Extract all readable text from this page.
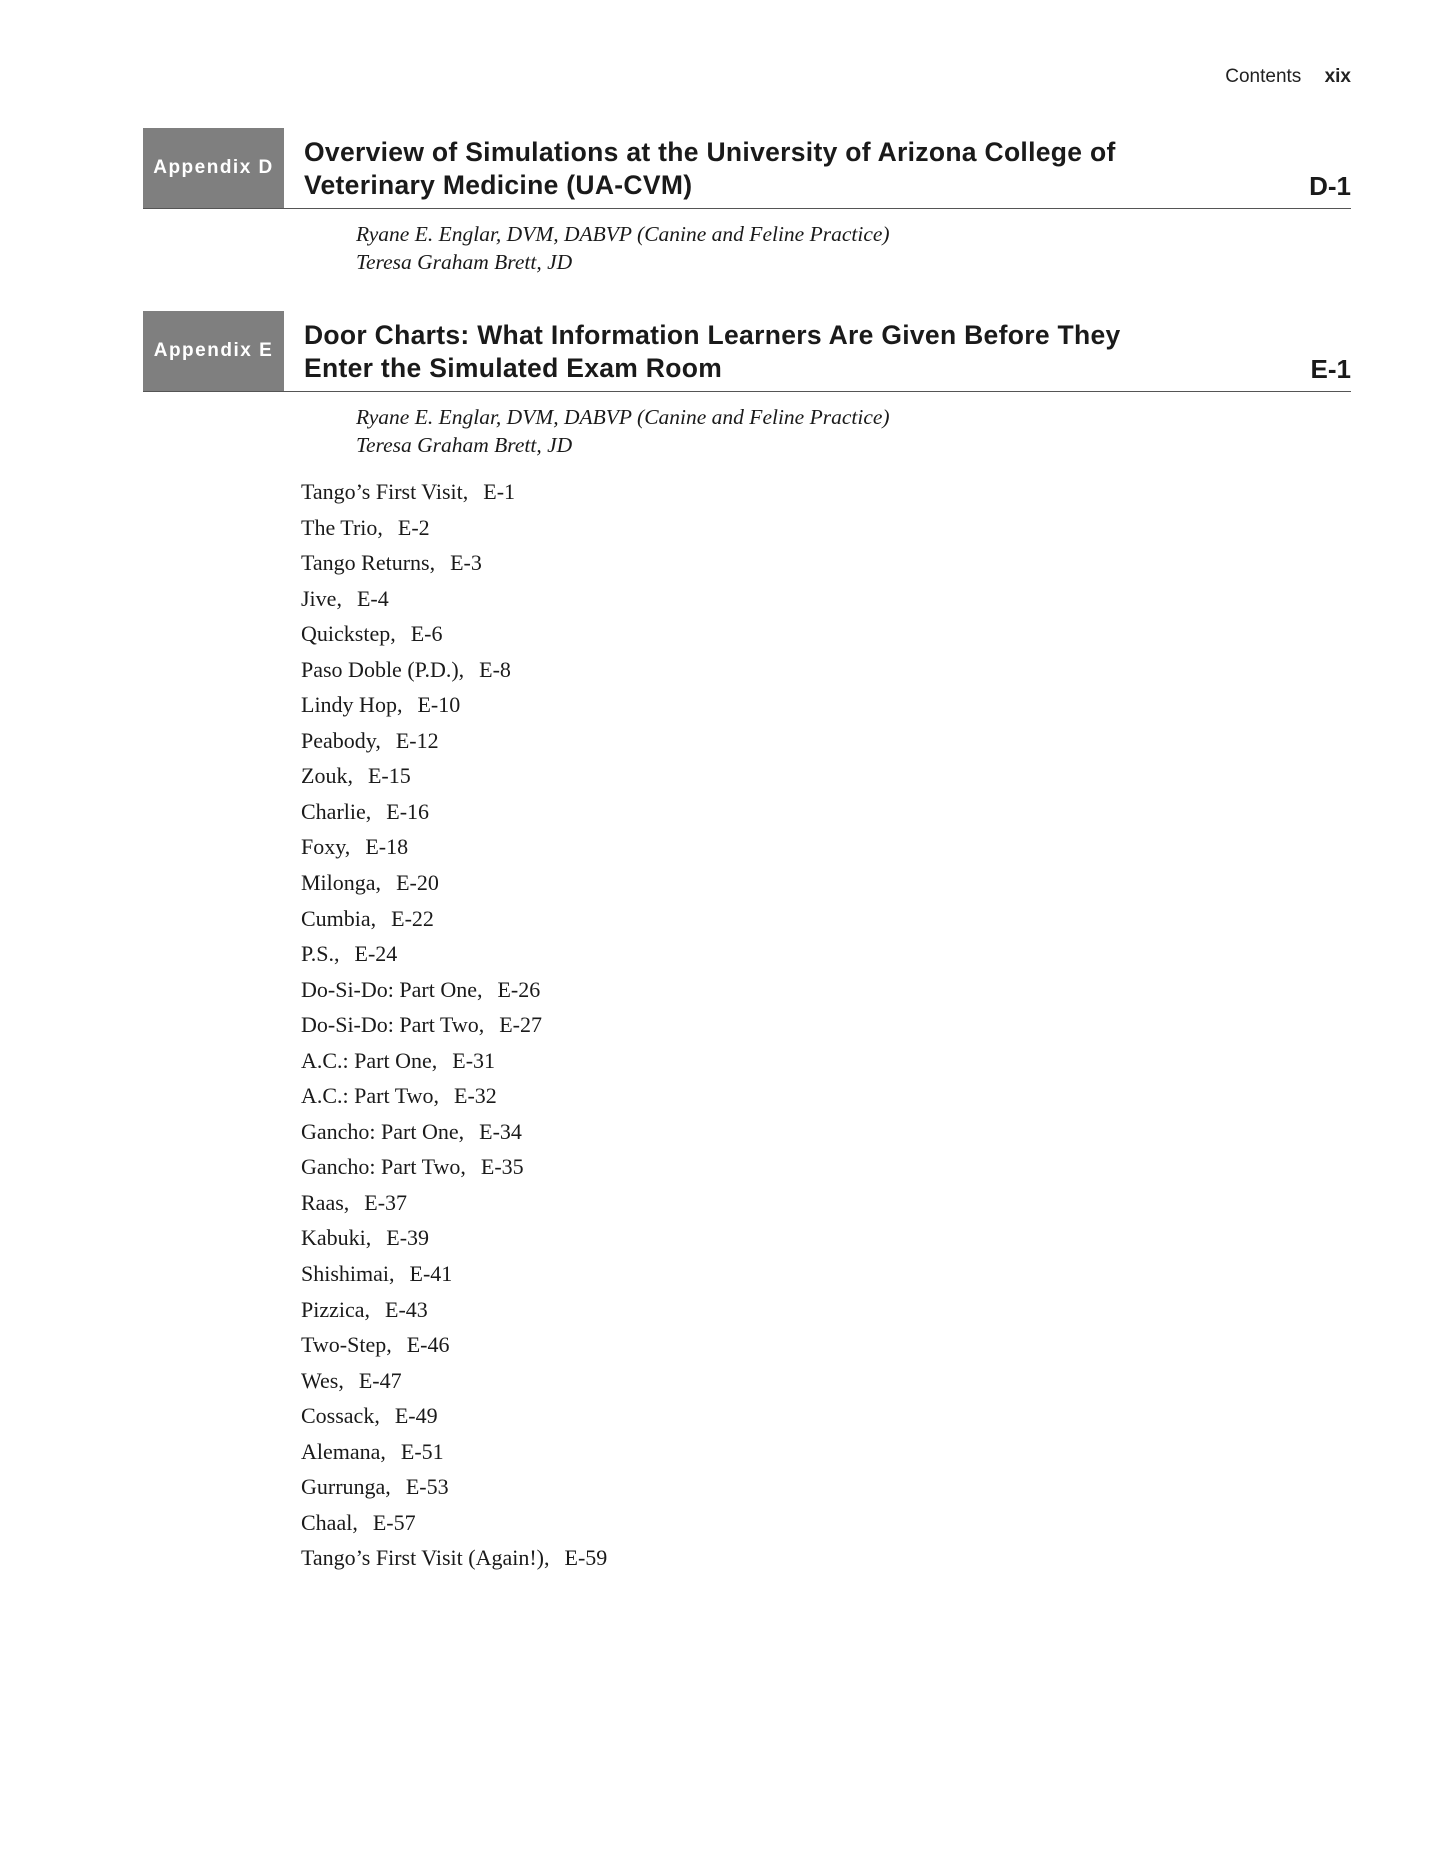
Contents xix
Appendix D
Overview of Simulations at the University of Arizona College of
Veterinary Medicine (UA-CVM)	D-1
Ryane E. Englar, DVM, DABVP (Canine and Feline Practice)
Teresa Graham Brett, JD
Appendix E
Door Charts: What Information Learners Are Given Before They
Enter the Simulated Exam Room	E-1
Ryane E. Englar, DVM, DABVP (Canine and Feline Practice)
Teresa Graham Brett, JD
Tango’s First Visit, E-1
The Trio, E-2
Tango Returns, E-3
Jive, E-4
Quickstep, E-6
Paso Doble (P.D.), E-8
Lindy Hop, E-10
Peabody, E-12
Zouk, E-15
Charlie, E-16
Foxy, E-18
Milonga, E-20
Cumbia, E-22
P.S., E-24
Do-Si-Do: Part One, E-26
Do-Si-Do: Part Two, E-27
A.C.: Part One, E-31
A.C.: Part Two, E-32
Gancho: Part One, E-34
Gancho: Part Two, E-35
Raas, E-37
Kabuki, E-39
Shishimai, E-41
Pizzica, E-43
Two-Step, E-46
Wes, E-47
Cossack, E-49
Alemana, E-51
Gurrunga, E-53
Chaal, E-57
Tango’s First Visit (Again!), E-59
